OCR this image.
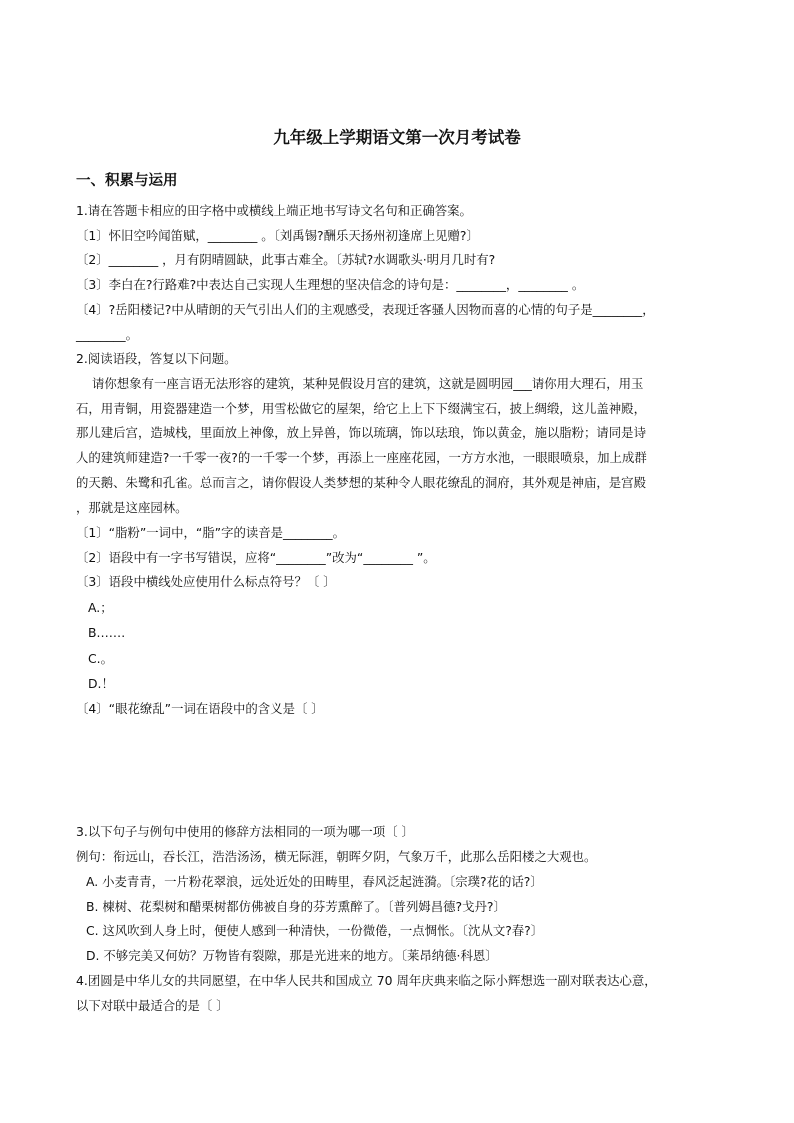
九年级上学期语文第一次月考试卷
一、积累与运用
1.请在答题卡相应的田字格中或横线上端正地书写诗文名句和正确答案。
〔1〕怀旧空吟闻笛赋，________ 。〔刘禹锡?酬乐天扬州初逢席上见赠?〕
〔2〕________ ，月有阴晴圆缺，此事古难全。〔苏轼?水调歌头·明月几时有?
〔3〕李白在?行路难?中表达自己实现人生理想的坚决信念的诗句是：________，________ 。
〔4〕?岳阳楼记?中从晴朗的天气引出人们的主观感受，表现迁客骚人因物而喜的心情的句子是________，
________。
2.阅读语段，答复以下问题。
请你想象有一座言语无法形容的建筑，某种晃假设月宫的建筑，这就是圆明园___请你用大理石，用玉
石，用青铜，用瓷器建造一个梦，用雪松做它的屋架，给它上上下下缀满宝石，披上绸缎，这儿盖神殿，
那儿建后宫，造城栈，里面放上神像，放上异兽，饰以琉璃，饰以珐琅，饰以黄金，施以脂粉；请同是诗
人的建筑师建造?一千零一夜?的一千零一个梦，再添上一座座花园，一方方水池，一眼眼喷泉，加上成群
的天鹅、朱鹭和孔雀。总而言之，请你假设人类梦想的某种令人眼花缭乱的洞府，其外观是神庙，是宫殿
，那就是这座园林。
〔1〕“脂粉”一词中，“脂”字的读音是________。
〔2〕语段中有一字书写错误，应将“________”改为“________ ”。
〔3〕语段中横线处应使用什么标点符号？〔 〕
A.；
B.……
C.。
D.！
〔4〕“眼花缭乱”一词在语段中的含义是〔 〕
3.以下句子与例句中使用的修辞方法相同的一项为哪一项〔 〕
例句：衔远山，吞长江，浩浩汤汤，横无际涯，朝晖夕阴，气象万千，此那么岳阳楼之大观也。
A. 小麦青青，一片粉花翠浪，远处近处的田畴里，春风泛起涟漪。〔宗璞?花的话?〕
B. 楝树、花梨树和醋栗树都仿佛被自身的芬芳熏醉了。〔普列姆昌德?戈丹?〕
C. 这风吹到人身上时，便使人感到一种清快，一份微倦，一点惆怅。〔沈从文?春?〕
D. 不够完美又何妨？万物皆有裂隙，那是光进来的地方。〔莱昂纳德·科恩〕
4.团圆是中华儿女的共同愿望，在中华人民共和国成立 70 周年庆典来临之际小辉想选一副对联表达心意，
以下对联中最适合的是〔 〕
